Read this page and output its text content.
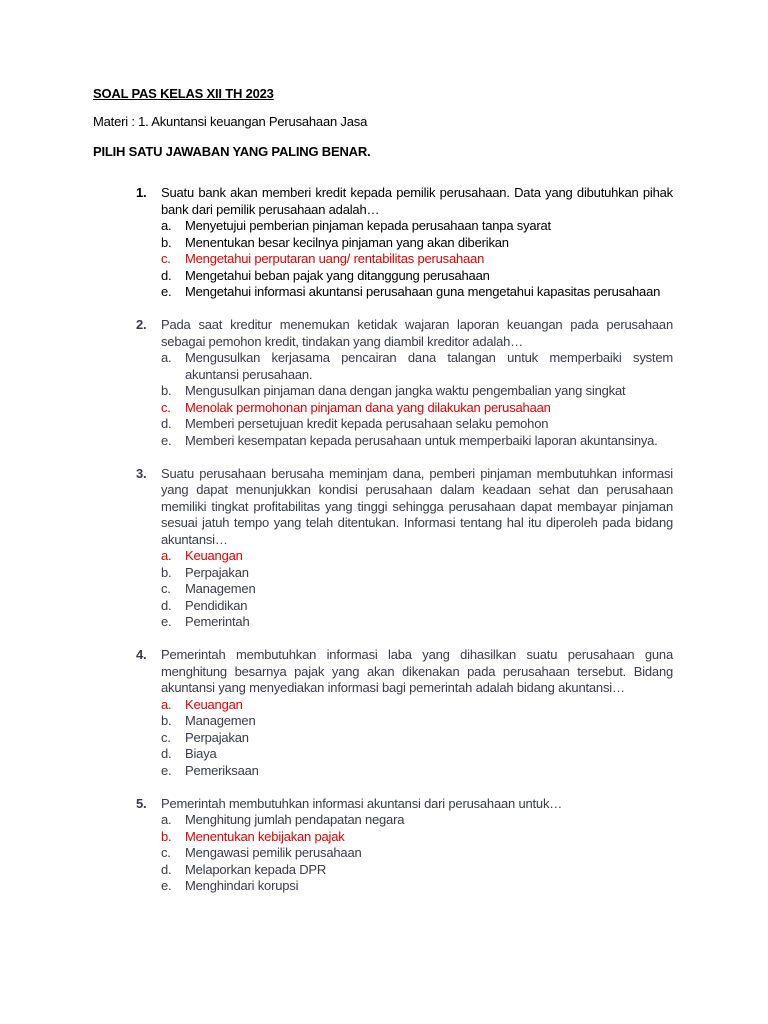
SOAL PAS KELAS XII TH 2023
Materi : 1. Akuntansi keuangan Perusahaan Jasa
PILIH SATU JAWABAN YANG PALING BENAR.
1.	Suatu bank akan memberi kredit kepada pemilik perusahaan. Data yang dibutuhkan pihak bank dari pemilik perusahaan adalah…
a.	Menyetujui pemberian pinjaman kepada perusahaan tanpa syarat
b.	Menentukan besar kecilnya pinjaman yang akan diberikan
c.	Mengetahui perputaran uang/ rentabilitas perusahaan
d.	Mengetahui beban pajak yang ditanggung perusahaan
e.	Mengetahui informasi akuntansi perusahaan guna mengetahui kapasitas perusahaan
2.	Pada saat kreditur menemukan ketidak wajaran laporan keuangan pada perusahaan sebagai pemohon kredit, tindakan yang diambil kreditor adalah…
a.	Mengusulkan kerjasama pencairan dana talangan untuk memperbaiki system akuntansi perusahaan.
b.	Mengusulkan pinjaman dana dengan jangka waktu pengembalian yang singkat
c.	Menolak permohonan pinjaman dana yang dilakukan perusahaan
d.	Memberi persetujuan kredit kepada perusahaan selaku pemohon
e.	Memberi kesempatan kepada perusahaan untuk memperbaiki laporan akuntansinya.
3.	Suatu perusahaan berusaha meminjam dana, pemberi pinjaman membutuhkan informasi yang dapat menunjukkan kondisi perusahaan dalam keadaan sehat dan perusahaan memiliki tingkat profitabilitas yang tinggi sehingga perusahaan dapat membayar pinjaman sesuai jatuh tempo yang telah ditentukan. Informasi tentang hal itu diperoleh pada bidang akuntansi…
a.	Keuangan
b.	Perpajakan
c.	Managemen
d.	Pendidikan
e.	Pemerintah
4.	Pemerintah membutuhkan informasi laba yang dihasilkan suatu perusahaan guna menghitung besarnya pajak yang akan dikenakan pada perusahaan tersebut. Bidang akuntansi yang menyediakan informasi bagi pemerintah adalah bidang akuntansi…
a.	Keuangan
b.	Managemen
c.	Perpajakan
d.	Biaya
e.	Pemeriksaan
5.	Pemerintah membutuhkan informasi akuntansi dari perusahaan untuk…
a.	Menghitung jumlah pendapatan negara
b.	Menentukan kebijakan pajak
c.	Mengawasi pemilik perusahaan
d.	Melaporkan kepada DPR
e.	Menghindari korupsi
